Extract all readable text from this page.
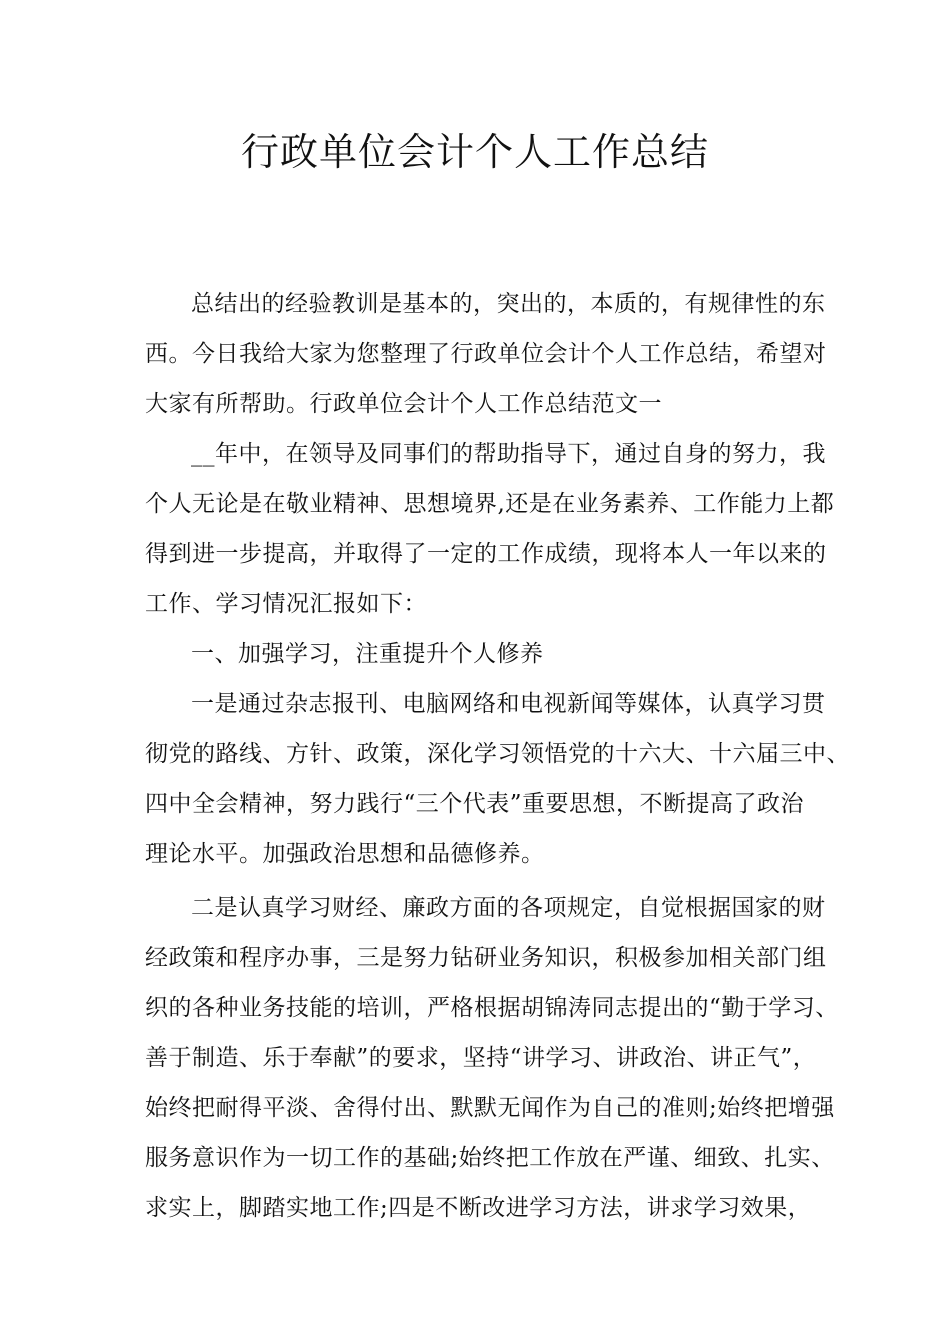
行政单位会计个人工作总结
总结出的经验教训是基本的，突出的，本质的，有规律性的东
西。今日我给大家为您整理了行政单位会计个人工作总结，希望对
大家有所帮助。行政单位会计个人工作总结范文一
__年中，在领导及同事们的帮助指导下，通过自身的努力，我
个人无论是在敬业精神、思想境界,还是在业务素养、工作能力上都
得到进一步提高，并取得了一定的工作成绩，现将本人一年以来的
工作、学习情况汇报如下：
一、加强学习，注重提升个人修养
一是通过杂志报刊、电脑网络和电视新闻等媒体，认真学习贯
彻党的路线、方针、政策，深化学习领悟党的十六大、十六届三中、
四中全会精神，努力践行“三个代表”重要思想，不断提高了政治
理论水平。加强政治思想和品德修养。
二是认真学习财经、廉政方面的各项规定，自觉根据国家的财
经政策和程序办事，三是努力钻研业务知识，积极参加相关部门组
织的各种业务技能的培训，严格根据胡锦涛同志提出的“勤于学习、
善于制造、乐于奉献”的要求，坚持“讲学习、讲政治、讲正气”，
始终把耐得平淡、舍得付出、默默无闻作为自己的准则;始终把增强
服务意识作为一切工作的基础;始终把工作放在严谨、细致、扎实、
求实上，脚踏实地工作;四是不断改进学习方法，讲求学习效果，
